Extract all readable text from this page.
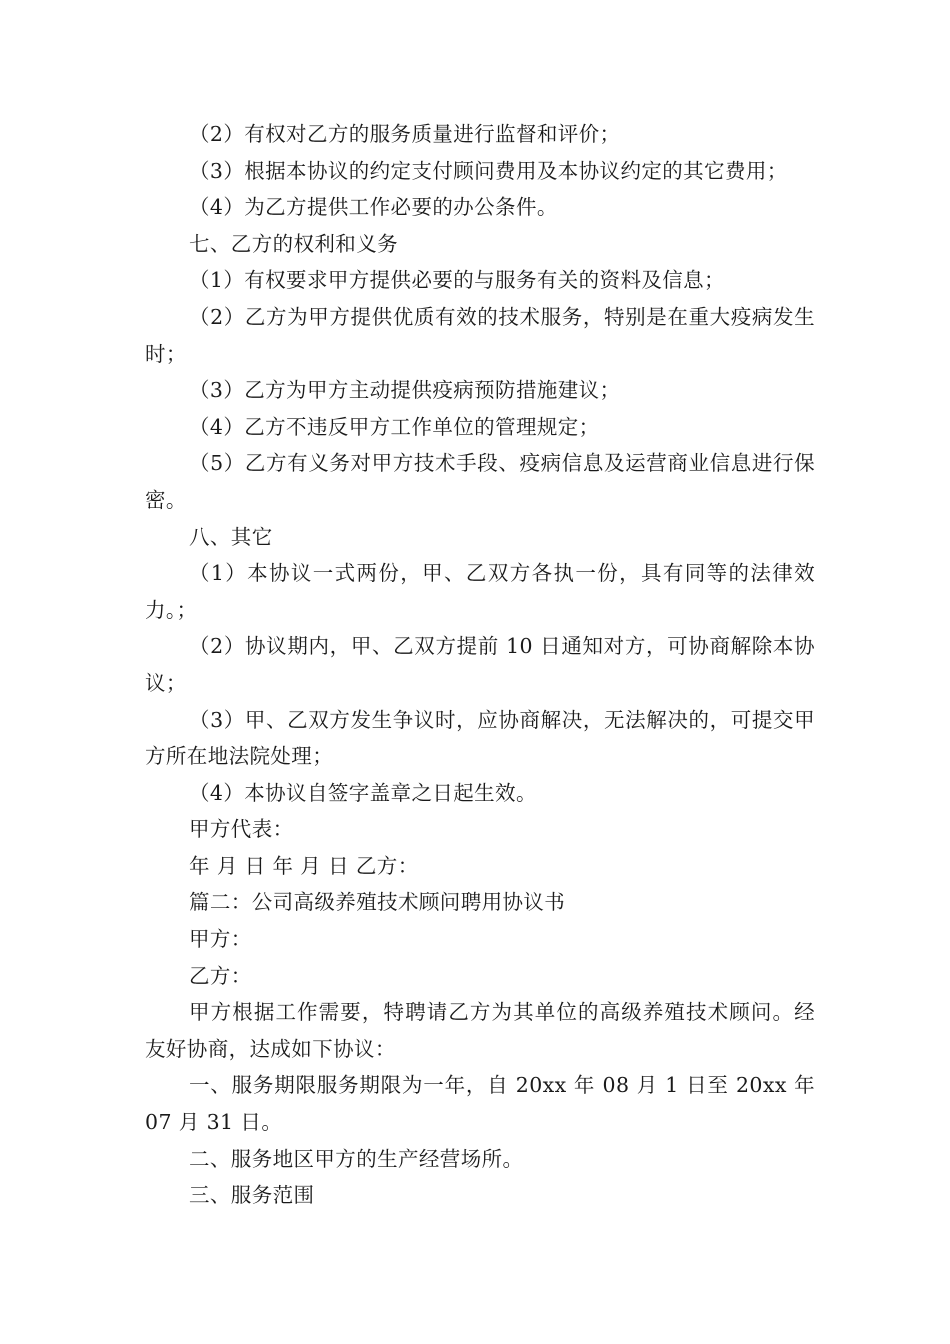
（2）有权对乙方的服务质量进行监督和评价；

（3）根据本协议的约定支付顾问费用及本协议约定的其它费用；

（4）为乙方提供工作必要的办公条件。

七、乙方的权利和义务

（1）有权要求甲方提供必要的与服务有关的资料及信息；

（2）乙方为甲方提供优质有效的技术服务，特别是在重大疫病发生时；

（3）乙方为甲方主动提供疫病预防措施建议；

（4）乙方不违反甲方工作单位的管理规定；

（5）乙方有义务对甲方技术手段、疫病信息及运营商业信息进行保密。

八、其它

（1）本协议一式两份，甲、乙双方各执一份，具有同等的法律效力。；

（2）协议期内，甲、乙双方提前 10 日通知对方，可协商解除本协议；

（3）甲、乙双方发生争议时，应协商解决，无法解决的，可提交甲方所在地法院处理；

（4）本协议自签字盖章之日起生效。

甲方代表：

年 月 日 年 月 日 乙方：

篇二：公司高级养殖技术顾问聘用协议书

甲方：

乙方：

甲方根据工作需要，特聘请乙方为其单位的高级养殖技术顾问。经友好协商，达成如下协议：

一、服务期限服务期限为一年，自 20xx 年 08 月 1 日至 20xx 年 07 月 31 日。

二、服务地区甲方的生产经营场所。

三、服务范围
